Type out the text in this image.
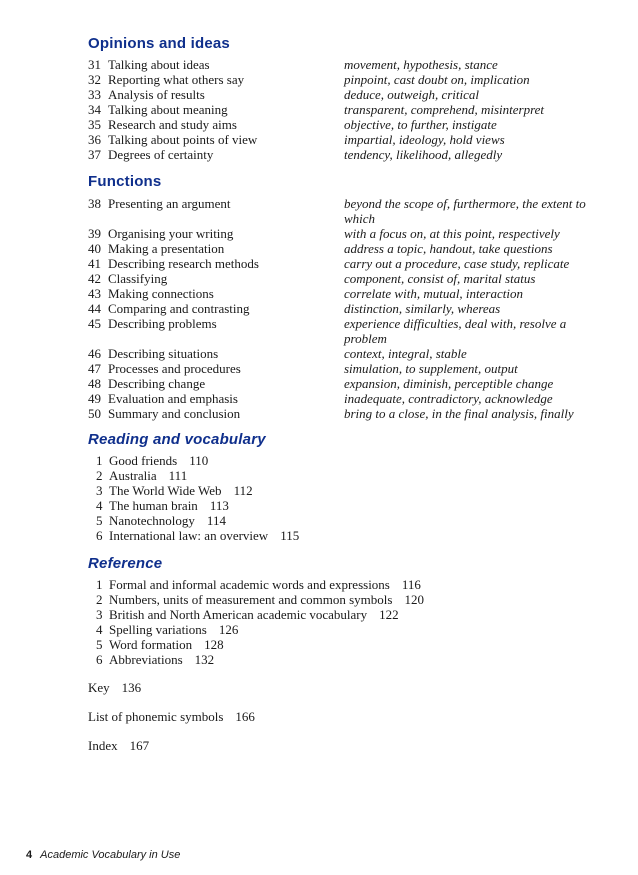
Opinions and ideas
31 Talking about ideas	movement, hypothesis, stance
32 Reporting what others say	pinpoint, cast doubt on, implication
33 Analysis of results	deduce, outweigh, critical
34 Talking about meaning	transparent, comprehend, misinterpret
35 Research and study aims	objective, to further, instigate
36 Talking about points of view	impartial, ideology, hold views
37 Degrees of certainty	tendency, likelihood, allegedly
Functions
38 Presenting an argument	beyond the scope of, furthermore, the extent to which
39 Organising your writing	with a focus on, at this point, respectively
40 Making a presentation	address a topic, handout, take questions
41 Describing research methods	carry out a procedure, case study, replicate
42 Classifying	component, consist of, marital status
43 Making connections	correlate with, mutual, interaction
44 Comparing and contrasting	distinction, similarly, whereas
45 Describing problems	experience difficulties, deal with, resolve a problem
46 Describing situations	context, integral, stable
47 Processes and procedures	simulation, to supplement, output
48 Describing change	expansion, diminish, perceptible change
49 Evaluation and emphasis	inadequate, contradictory, acknowledge
50 Summary and conclusion	bring to a close, in the final analysis, finally
Reading and vocabulary
1 Good friends 110
2 Australia 111
3 The World Wide Web 112
4 The human brain 113
5 Nanotechnology 114
6 International law: an overview 115
Reference
1 Formal and informal academic words and expressions 116
2 Numbers, units of measurement and common symbols 120
3 British and North American academic vocabulary 122
4 Spelling variations 126
5 Word formation 128
6 Abbreviations 132
Key 136
List of phonemic symbols 166
Index 167
4 Academic Vocabulary in Use
